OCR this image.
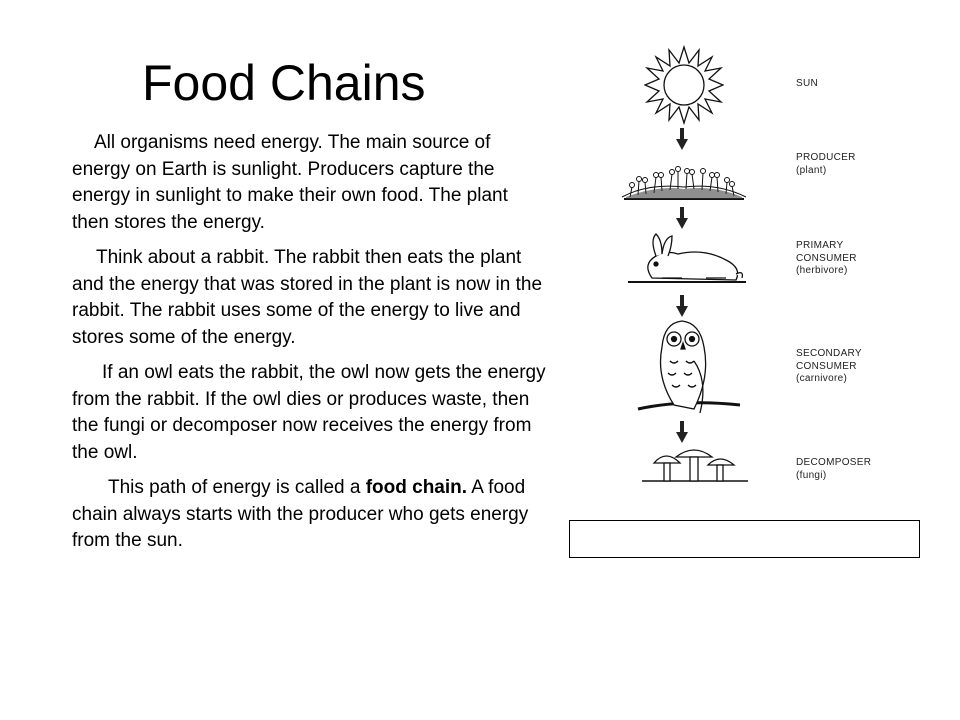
Food Chains

All organisms need energy. The main source of energy on Earth is sunlight. Producers capture the energy in sunlight to make their own food. The plant then stores the energy.

Think about a rabbit. The rabbit then eats the plant and the energy that was stored in the plant is now in the rabbit. The rabbit uses some of the energy to live and stores some of the energy.

If an owl eats the rabbit, the owl now gets the energy from the rabbit. If the owl dies or produces waste, then the fungi or decomposer now receives the energy from the owl.

This path of energy is called a food chain. A food chain always starts with the producer who gets energy from the sun.

SUN
PRODUCER
(plant)
PRIMARY
CONSUMER
(herbivore)
SECONDARY
CONSUMER
(carnivore)
DECOMPOSER
(fungi)
